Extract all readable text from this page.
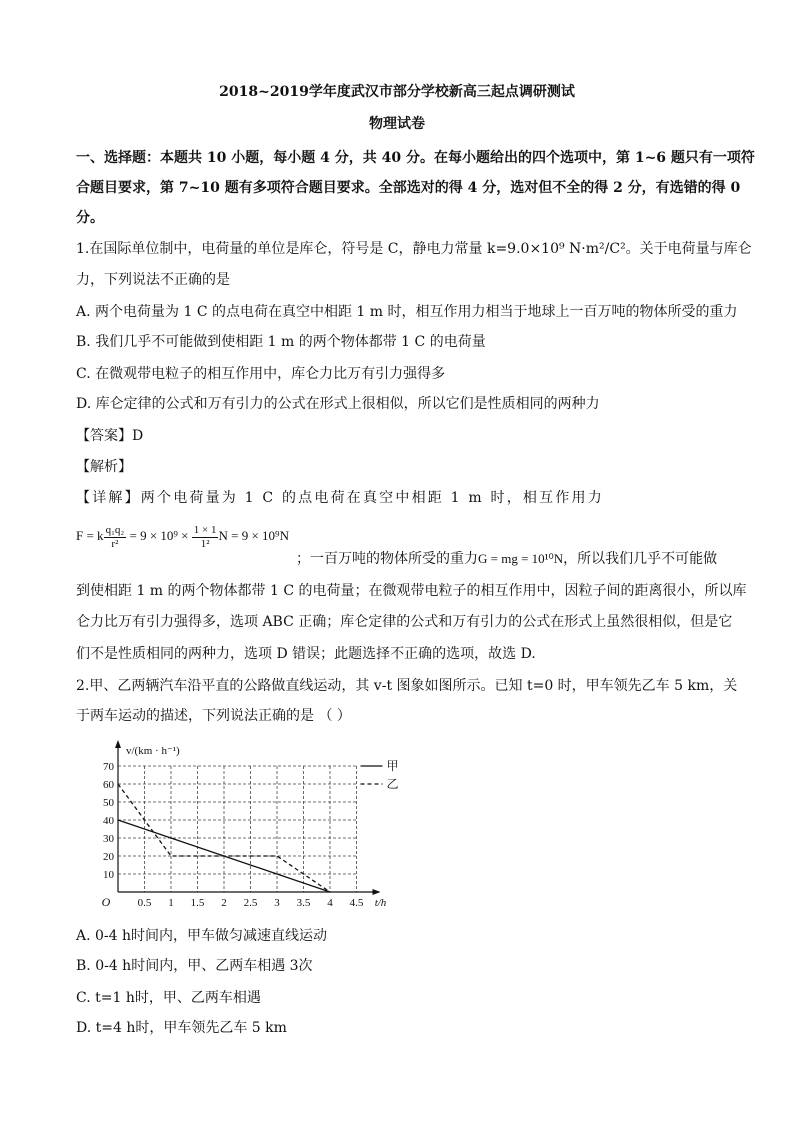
2018~2019学年度武汉市部分学校新高三起点调研测试
物理试卷
一、选择题：本题共 10 小题，每小题 4 分，共 40 分。在每小题给出的四个选项中，第 1~6 题只有一项符
合题目要求，第 7~10 题有多项符合题目要求。全部选对的得 4 分，选对但不全的得 2 分，有选错的得 0
分。
1.在国际单位制中，电荷量的单位是库仑，符号是 C，静电力常量 k=9.0×10⁹ N·m²/C²。关于电荷量与库仑
力，下列说法不正确的是
A. 两个电荷量为 1 C 的点电荷在真空中相距 1 m 时，相互作用力相当于地球上一百万吨的物体所受的重力
B. 我们几乎不可能做到使相距 1 m 的两个物体都带 1 C 的电荷量
C. 在微观带电粒子的相互作用中，库仑力比万有引力强得多
D. 库仑定律的公式和万有引力的公式在形式上很相似，所以它们是性质相同的两种力
【答案】D
【解析】
【详解】两个电荷量为 1 C 的点电荷在真空中相距 1 m 时，相互作用力
F = k $\frac{\text{q₁q₂}}{\text{r²}} = 9 \times 10^9 \times \frac{1 \times 1}{\text{1²}}$ N = 9 × 10⁹N
；一百万吨的物体所受的重力G = mg = 10¹⁰N，所以我们几乎不可能做
到使相距 1 m 的两个物体都带 1 C 的电荷量；在微观带电粒子的相互作用中，因粒子间的距离很小，所以库
仑力比万有引力强得多，选项 ABC 正确；库仑定律的公式和万有引力的公式在形式上虽然很相似，但是它
们不是性质相同的两种力，选项 D 错误；此题选择不正确的选项，故选 D.
2.甲、乙两辆汽车沿平直的公路做直线运动，其 v-t 图象如图所示。已知 t=0 时，甲车领先乙车 5 km，关
于两车运动的描述，下列说法正确的是 （ ）
0.5 1 1.5 2 2.5 3 3.5 4 4.5
10
20
30
40
50
60
70
O	t/h
v/(km · h⁻¹)
甲
乙
A. 0-4 h时间内，甲车做匀减速直线运动
B. 0-4 h时间内，甲、乙两车相遇 3次
C. t=1 h时，甲、乙两车相遇
D. t=4 h时，甲车领先乙车 5 km
